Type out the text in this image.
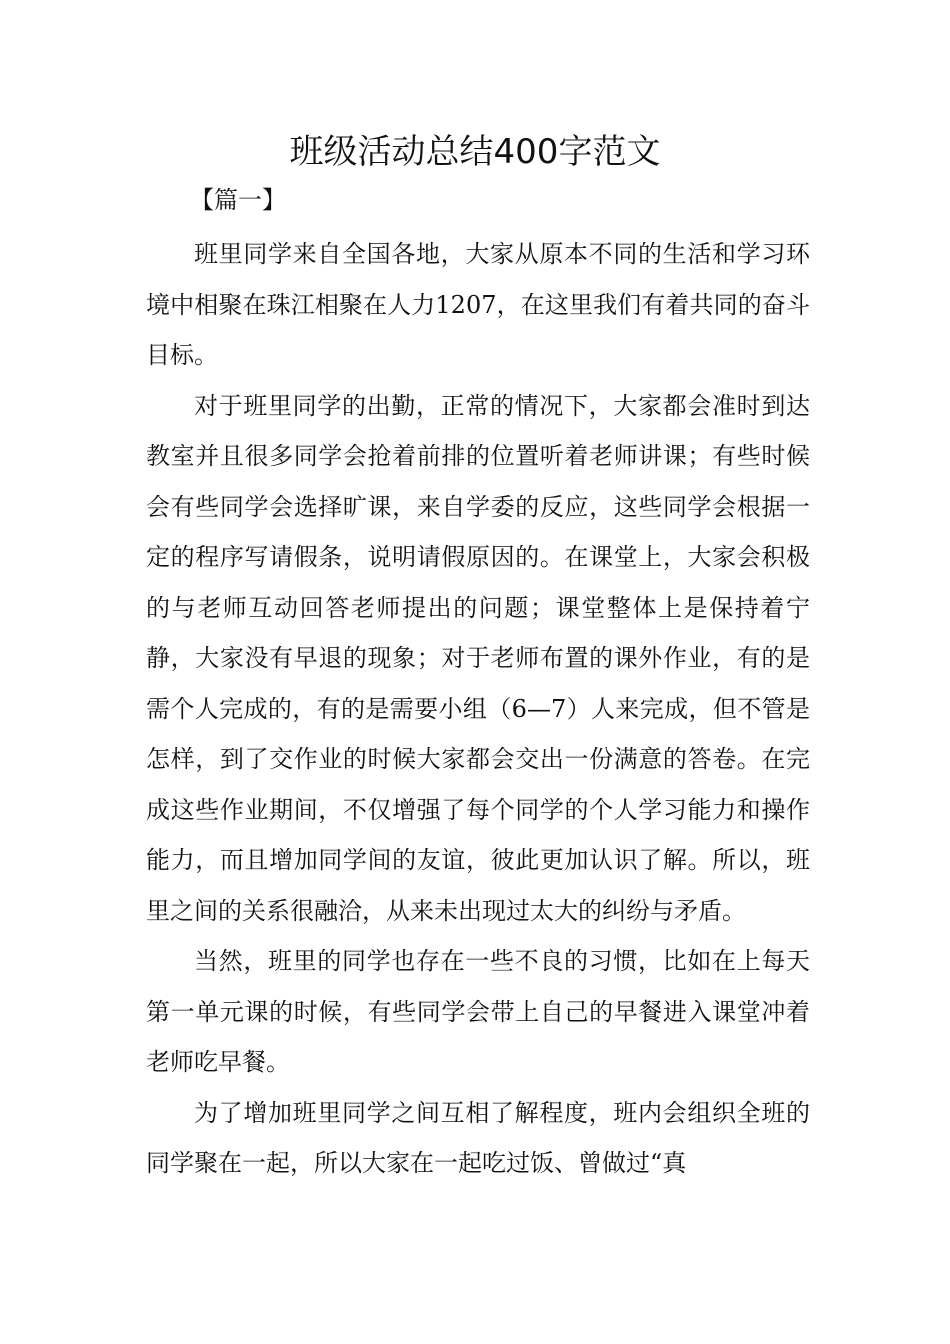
班级活动总结400字范文
【篇一】

班里同学来自全国各地，大家从原本不同的生活和学习环境中相聚在珠江相聚在人力1207，在这里我们有着共同的奋斗目标。

对于班里同学的出勤，正常的情况下，大家都会准时到达教室并且很多同学会抢着前排的位置听着老师讲课；有些时候会有些同学会选择旷课，来自学委的反应，这些同学会根据一定的程序写请假条，说明请假原因的。在课堂上，大家会积极的与老师互动回答老师提出的问题；课堂整体上是保持着宁静，大家没有早退的现象；对于老师布置的课外作业，有的是需个人完成的，有的是需要小组（6—7）人来完成，但不管是怎样，到了交作业的时候大家都会交出一份满意的答卷。在完成这些作业期间，不仅增强了每个同学的个人学习能力和操作能力，而且增加同学间的友谊，彼此更加认识了解。所以，班里之间的关系很融洽，从来未出现过太大的纠纷与矛盾。

当然，班里的同学也存在一些不良的习惯，比如在上每天第一单元课的时候，有些同学会带上自己的早餐进入课堂冲着老师吃早餐。

为了增加班里同学之间互相了解程度，班内会组织全班的同学聚在一起，所以大家在一起吃过饭、曾做过“真
